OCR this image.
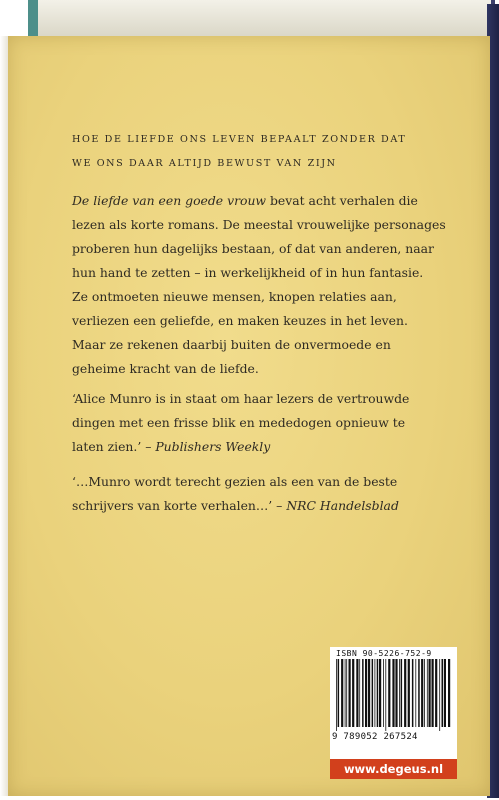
HOE DE LIEFDE ONS LEVEN BEPAALT ZONDER DAT
WE ONS DAAR ALTIJD BEWUST VAN ZIJN
De liefde van een goede vrouw bevat acht verhalen die
lezen als korte romans. De meestal vrouwelijke personages
proberen hun dagelijks bestaan, of dat van anderen, naar
hun hand te zetten – in werkelijkheid of in hun fantasie.
Ze ontmoeten nieuwe mensen, knopen relaties aan,
verliezen een geliefde, en maken keuzes in het leven.
Maar ze rekenen daarbij buiten de onvermoede en
geheime kracht van de liefde.
‘Alice Munro is in staat om haar lezers de vertrouwde
dingen met een frisse blik en mededogen opnieuw te
laten zien.’ – Publishers Weekly
‘…Munro wordt terecht gezien als een van de beste
schrijvers van korte verhalen…’ – NRC Handelsblad
ISBN 90-5226-752-9
9 789052 267524
www.degeus.nl
